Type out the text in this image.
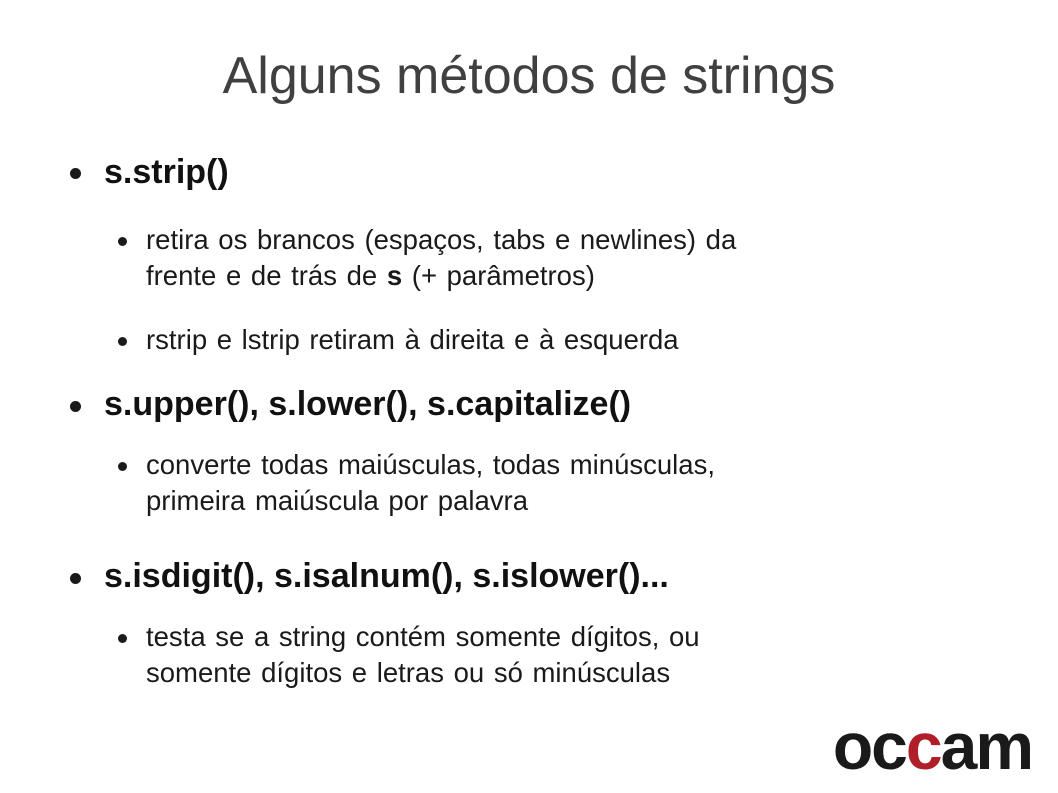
Alguns métodos de strings
s.strip()
retira os brancos (espaços, tabs e newlines) da
frente e de trás de s (+ parâmetros)
rstrip e lstrip retiram à direita e à esquerda
s.upper(), s.lower(), s.capitalize()
converte todas maiúsculas, todas minúsculas,
primeira maiúscula por palavra
s.isdigit(), s.isalnum(), s.islower()...
testa se a string contém somente dígitos, ou
somente dígitos e letras ou só minúsculas
occam
